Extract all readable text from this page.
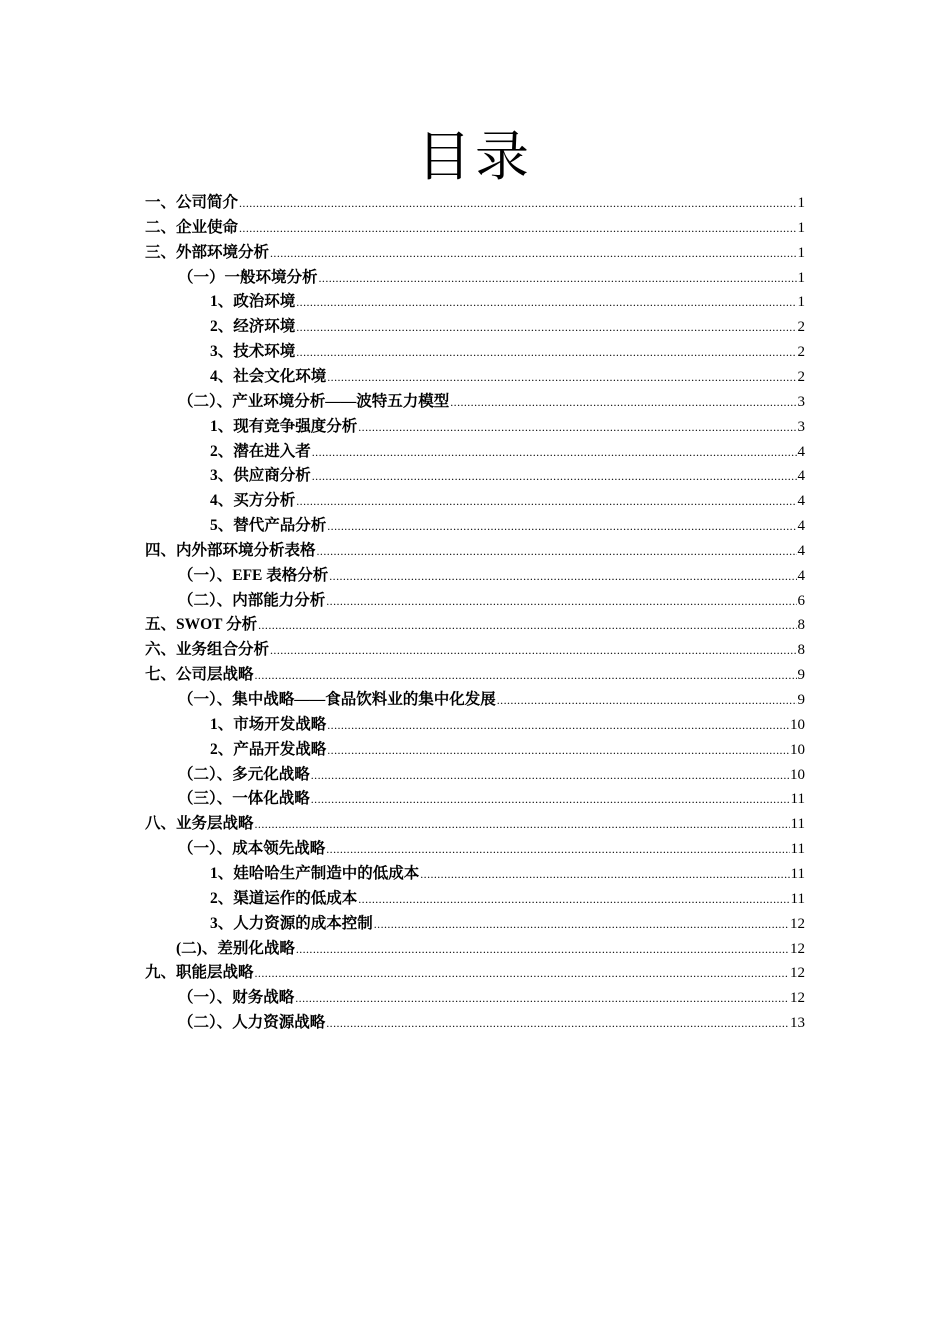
目录
一、公司简介 .....	1
二、企业使命 .....	1
三、外部环境分析 .....	1
（一）一般环境分析 .....	1
1、政治环境 .....	1
2、经济环境 .....	2
3、技术环境 .....	2
4、社会文化环境 .....	2
（二）、产业环境分析——波特五力模型 .....	3
1、现有竞争强度分析 .....	3
2、潜在进入者 .....	4
3、供应商分析 .....	4
4、买方分析 .....	4
5、替代产品分析 .....	4
四、内外部环境分析表格 .....	4
（一）、EFE 表格分析 .....	4
（二）、内部能力分析 .....	6
五、SWOT 分析 .....	8
六、业务组合分析 .....	8
七、公司层战略 .....	9
（一）、集中战略——食品饮料业的集中化发展 .....	9
1、市场开发战略 .....	10
2、产品开发战略 .....	10
（二）、多元化战略 .....	10
（三）、一体化战略 .....	11
八、业务层战略 .....	11
（一）、成本领先战略 .....	11
1、娃哈哈生产制造中的低成本 .....	11
2、渠道运作的低成本 .....	11
3、人力资源的成本控制 .....	12
(二)、差别化战略 .....	12
九、职能层战略 .....	12
（一）、财务战略 .....	12
（二）、人力资源战略 .....	13
